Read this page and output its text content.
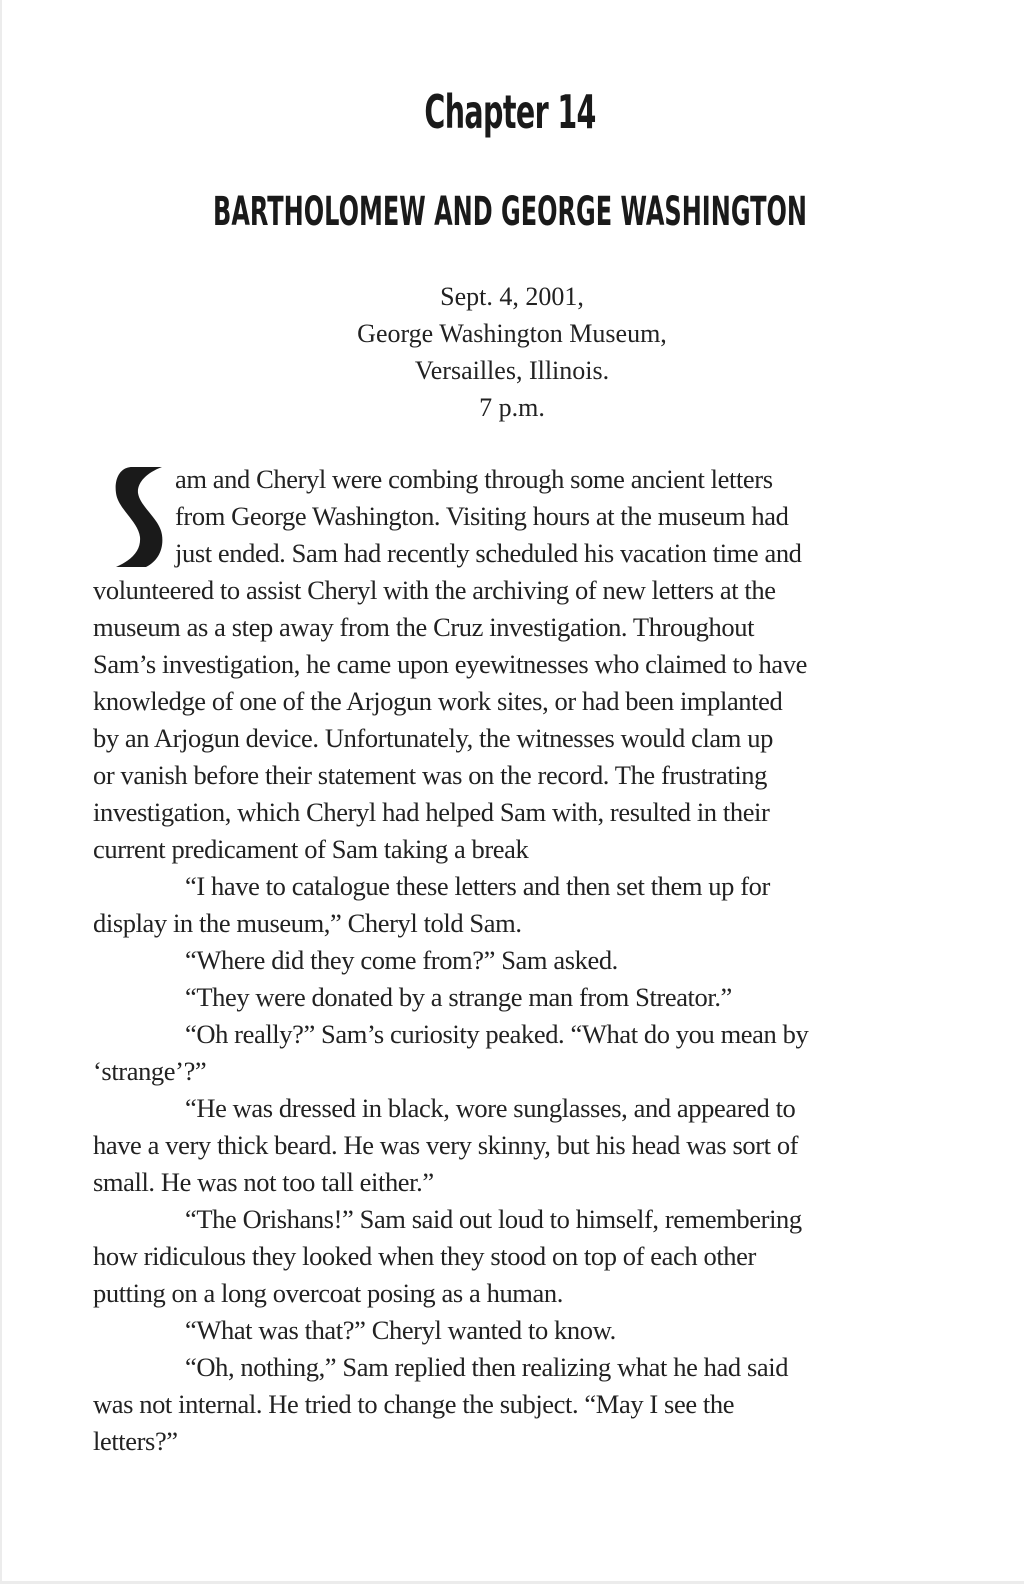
Chapter 14
BARTHOLOMEW AND GEORGE WASHINGTON
Sept. 4, 2001,
George Washington Museum,
Versailles, Illinois.
7 p.m.
am and Cheryl were combing through some ancient letters
from George Washington. Visiting hours at the museum had
just ended. Sam had recently scheduled his vacation time and
volunteered to assist Cheryl with the archiving of new letters at the
museum as a step away from the Cruz investigation. Throughout
Sam’s investigation, he came upon eyewitnesses who claimed to have
knowledge of one of the Arjogun work sites, or had been implanted
by an Arjogun device. Unfortunately, the witnesses would clam up
or vanish before their statement was on the record. The frustrating
investigation, which Cheryl had helped Sam with, resulted in their
current predicament of Sam taking a break
“I have to catalogue these letters and then set them up for
display in the museum,” Cheryl told Sam.
“Where did they come from?” Sam asked.
“They were donated by a strange man from Streator.”
“Oh really?” Sam’s curiosity peaked. “What do you mean by
‘strange’?”
“He was dressed in black, wore sunglasses, and appeared to
have a very thick beard. He was very skinny, but his head was sort of
small. He was not too tall either.”
“The Orishans!” Sam said out loud to himself, remembering
how ridiculous they looked when they stood on top of each other
putting on a long overcoat posing as a human.
“What was that?” Cheryl wanted to know.
“Oh, nothing,” Sam replied then realizing what he had said
was not internal. He tried to change the subject. “May I see the
letters?”
